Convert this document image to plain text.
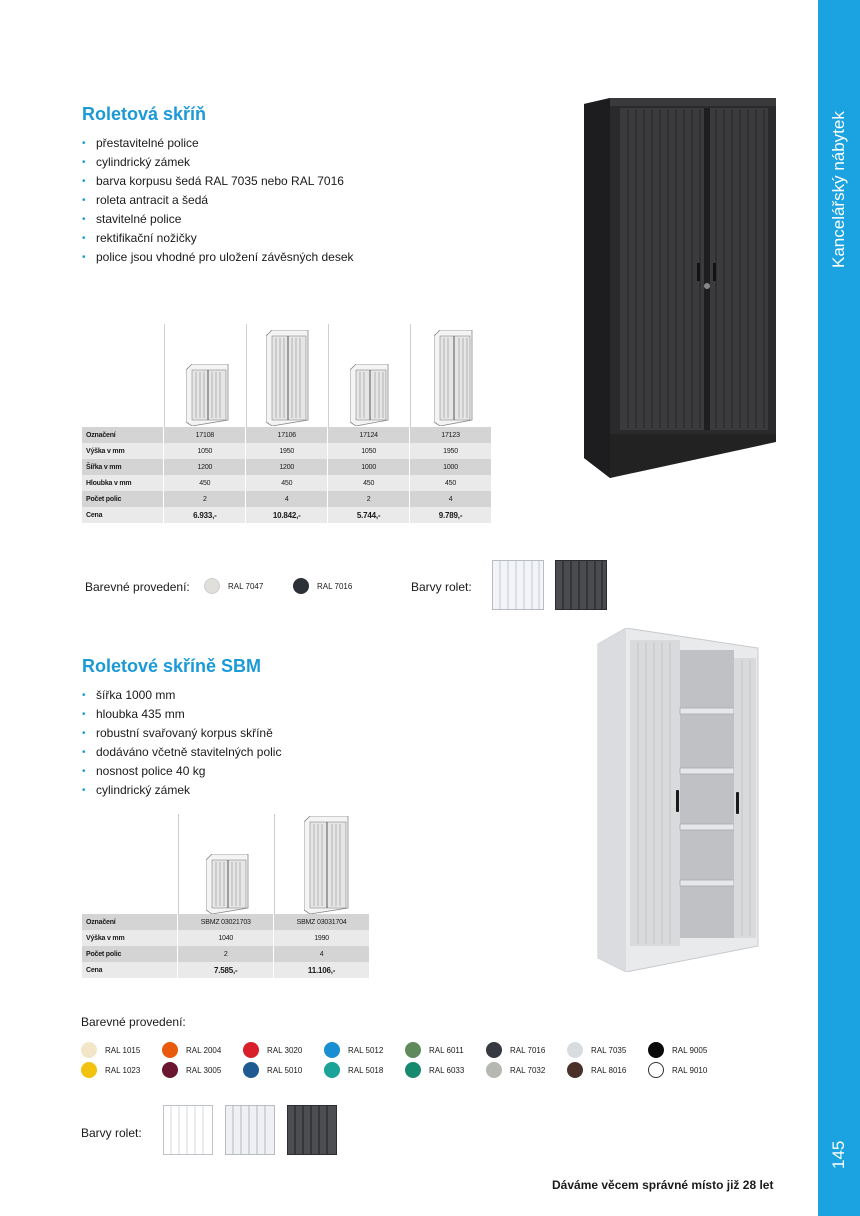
Kancelářský nábytek
145
Roletová skříň
• přestavitelné police
• cylindrický zámek
• barva korpusu šedá RAL 7035 nebo RAL 7016
• roleta antracit a šedá
• stavitelné police
• rektifikační nožičky
• police jsou vhodné pro uložení závěsných desek
Označení	17108	17106	17124	17123
Výška v mm	1050	1950	1050	1950
Šířka v mm	1200	1200	1000	1000
Hloubka v mm	450	450	450	450
Počet polic	2	4	2	4
Cena	6.933,-	10.842,-	5.744,-	9.789,-
Barevné provedení:	RAL 7047	RAL 7016	Barvy rolet:
Roletové skříně SBM
• šířka 1000 mm
• hloubka 435 mm
• robustní svařovaný korpus skříně
• dodáváno včetně stavitelných polic
• nosnost police 40 kg
• cylindrický zámek
Označení	SBMZ 03021703	SBMZ 03031704
Výška v mm	1040	1990
Počet polic	2	4
Cena	7.585,-	11.106,-
Barevné provedení:
RAL 1015	RAL 2004	RAL 3020	RAL 5012	RAL 6011	RAL 7016	RAL 7035	RAL 9005
RAL 1023	RAL 3005	RAL 5010	RAL 5018	RAL 6033	RAL 7032	RAL 8016	RAL 9010
Barvy rolet:
Dáváme věcem správné místo již 28 let
